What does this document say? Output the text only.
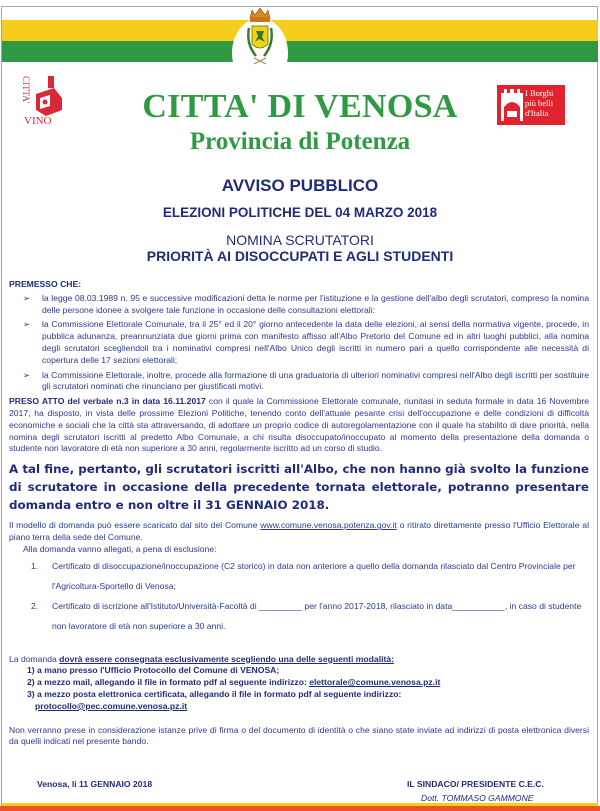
CITTA'
VINO
I Borghi
più belli
d'Italia
CITTA' DI VENOSA
Provincia di Potenza
AVVISO PUBBLICO
ELEZIONI POLITICHE DEL 04 MARZO 2018
NOMINA SCRUTATORI
PRIORITÀ AI DISOCCUPATI E AGLI STUDENTI
PREMESSO CHE:
➢ la legge 08.03.1989 n. 95 e successive modificazioni detta le norme per l'istituzione e la gestione dell'albo degli scrutatori, compreso la nomina delle persone idonee a svolgere tale funzione in occasione delle consultazioni elettorali:
➢ la Commissione Elettorale Comunale, tra il 25° ed il 20° giorno antecedente la data delle elezioni, ai sensi della normativa vigente, procede, in pubblica adunanza, preannunziata due giorni prima con manifesto affisso all'Albo Pretorio del Comune ed in altri luoghi pubblici, alla nomina degli scrutatori scegliendoli tra i nominativi compresi nell'Albo Unico degli iscritti in numero pari a quello corrispondente alle necessità di copertura delle 17 sezioni elettorali;
➢ la Commissione Elettorale, inoltre, procede alla formazione di una graduatoria di ulteriori nominativi compresi nell'Albo degli iscritti per sostituire gli scrutatori nominati che rinunciano per giustificati motivi.

PRESO ATTO del verbale n.3 in data 16.11.2017 con il quale la Commissione Elettorale comunale, riunitasi in seduta formale in data 16 Novembre 2017, ha disposto, in vista delle prossime Elezioni Politiche, tenendo conto dell'attuale pesante crisi dell'occupazione e delle condizioni di difficoltà economiche e sociali che la città sta attraversando, di adottare un proprio codice di autoregolamentazione con il quale ha stabilito di dare priorità, nella nomina degli scrutatori iscritti al predetto Albo Comunale, a chi risulta disoccupato/inoccupato al momento della presentazione della domanda o studente non lavoratore di età non superiore a 30 anni, regolarmente iscritto ad un corso di studio.

A tal fine, pertanto, gli scrutatori iscritti all'Albo, che non hanno già svolto la funzione di scrutatore in occasione della precedente tornata elettorale, potranno presentare domanda entro e non oltre il 31 GENNAIO 2018.

Il modello di domanda può essere scaricato dal sito del Comune www.comune.venosa.potenza.gov.it o ritirato direttamente presso l'Ufficio Elettorale al piano terra della sede del Comune.

Alla domanda vanno allegati, a pena di esclusione:
1. Certificato di disoccupazione/inoccupazione (C2 storico) in data non anteriore a quello della domanda rilasciato dal Centro Provinciale per l'Agricoltura-Sportello di Venosa;
2. Certificato di iscrizione all'Istituto/Università-Facoltà di _________ per l'anno 2017-2018, rilasciato in data___________, in caso di studente non lavoratore di età non superiore a 30 anni.
La domanda dovrà essere consegnata esclusivamente scegliendo una delle seguenti modalità:
1) a mano presso l'Ufficio Protocollo del Comune di VENOSA;
2) a mezzo mail, allegando il file in formato pdf al seguente indirizzo: elettorale@comune.venosa.pz.it
3) a mezzo posta elettronica certificata, allegando il file in formato pdf al seguente indirizzo:
protocollo@pec.comune.venosa.pz.it

Non verranno prese in considerazione istanze prive di firma o del documento di identità o che siano state inviate ad indirizzi di posta elettronica diversi da quelli indicati nel presente bando.

Venosa, li 11 GENNAIO 2018	IL SINDACO/ PRESIDENTE C.E.C.
Dott. TOMMASO GAMMONE
